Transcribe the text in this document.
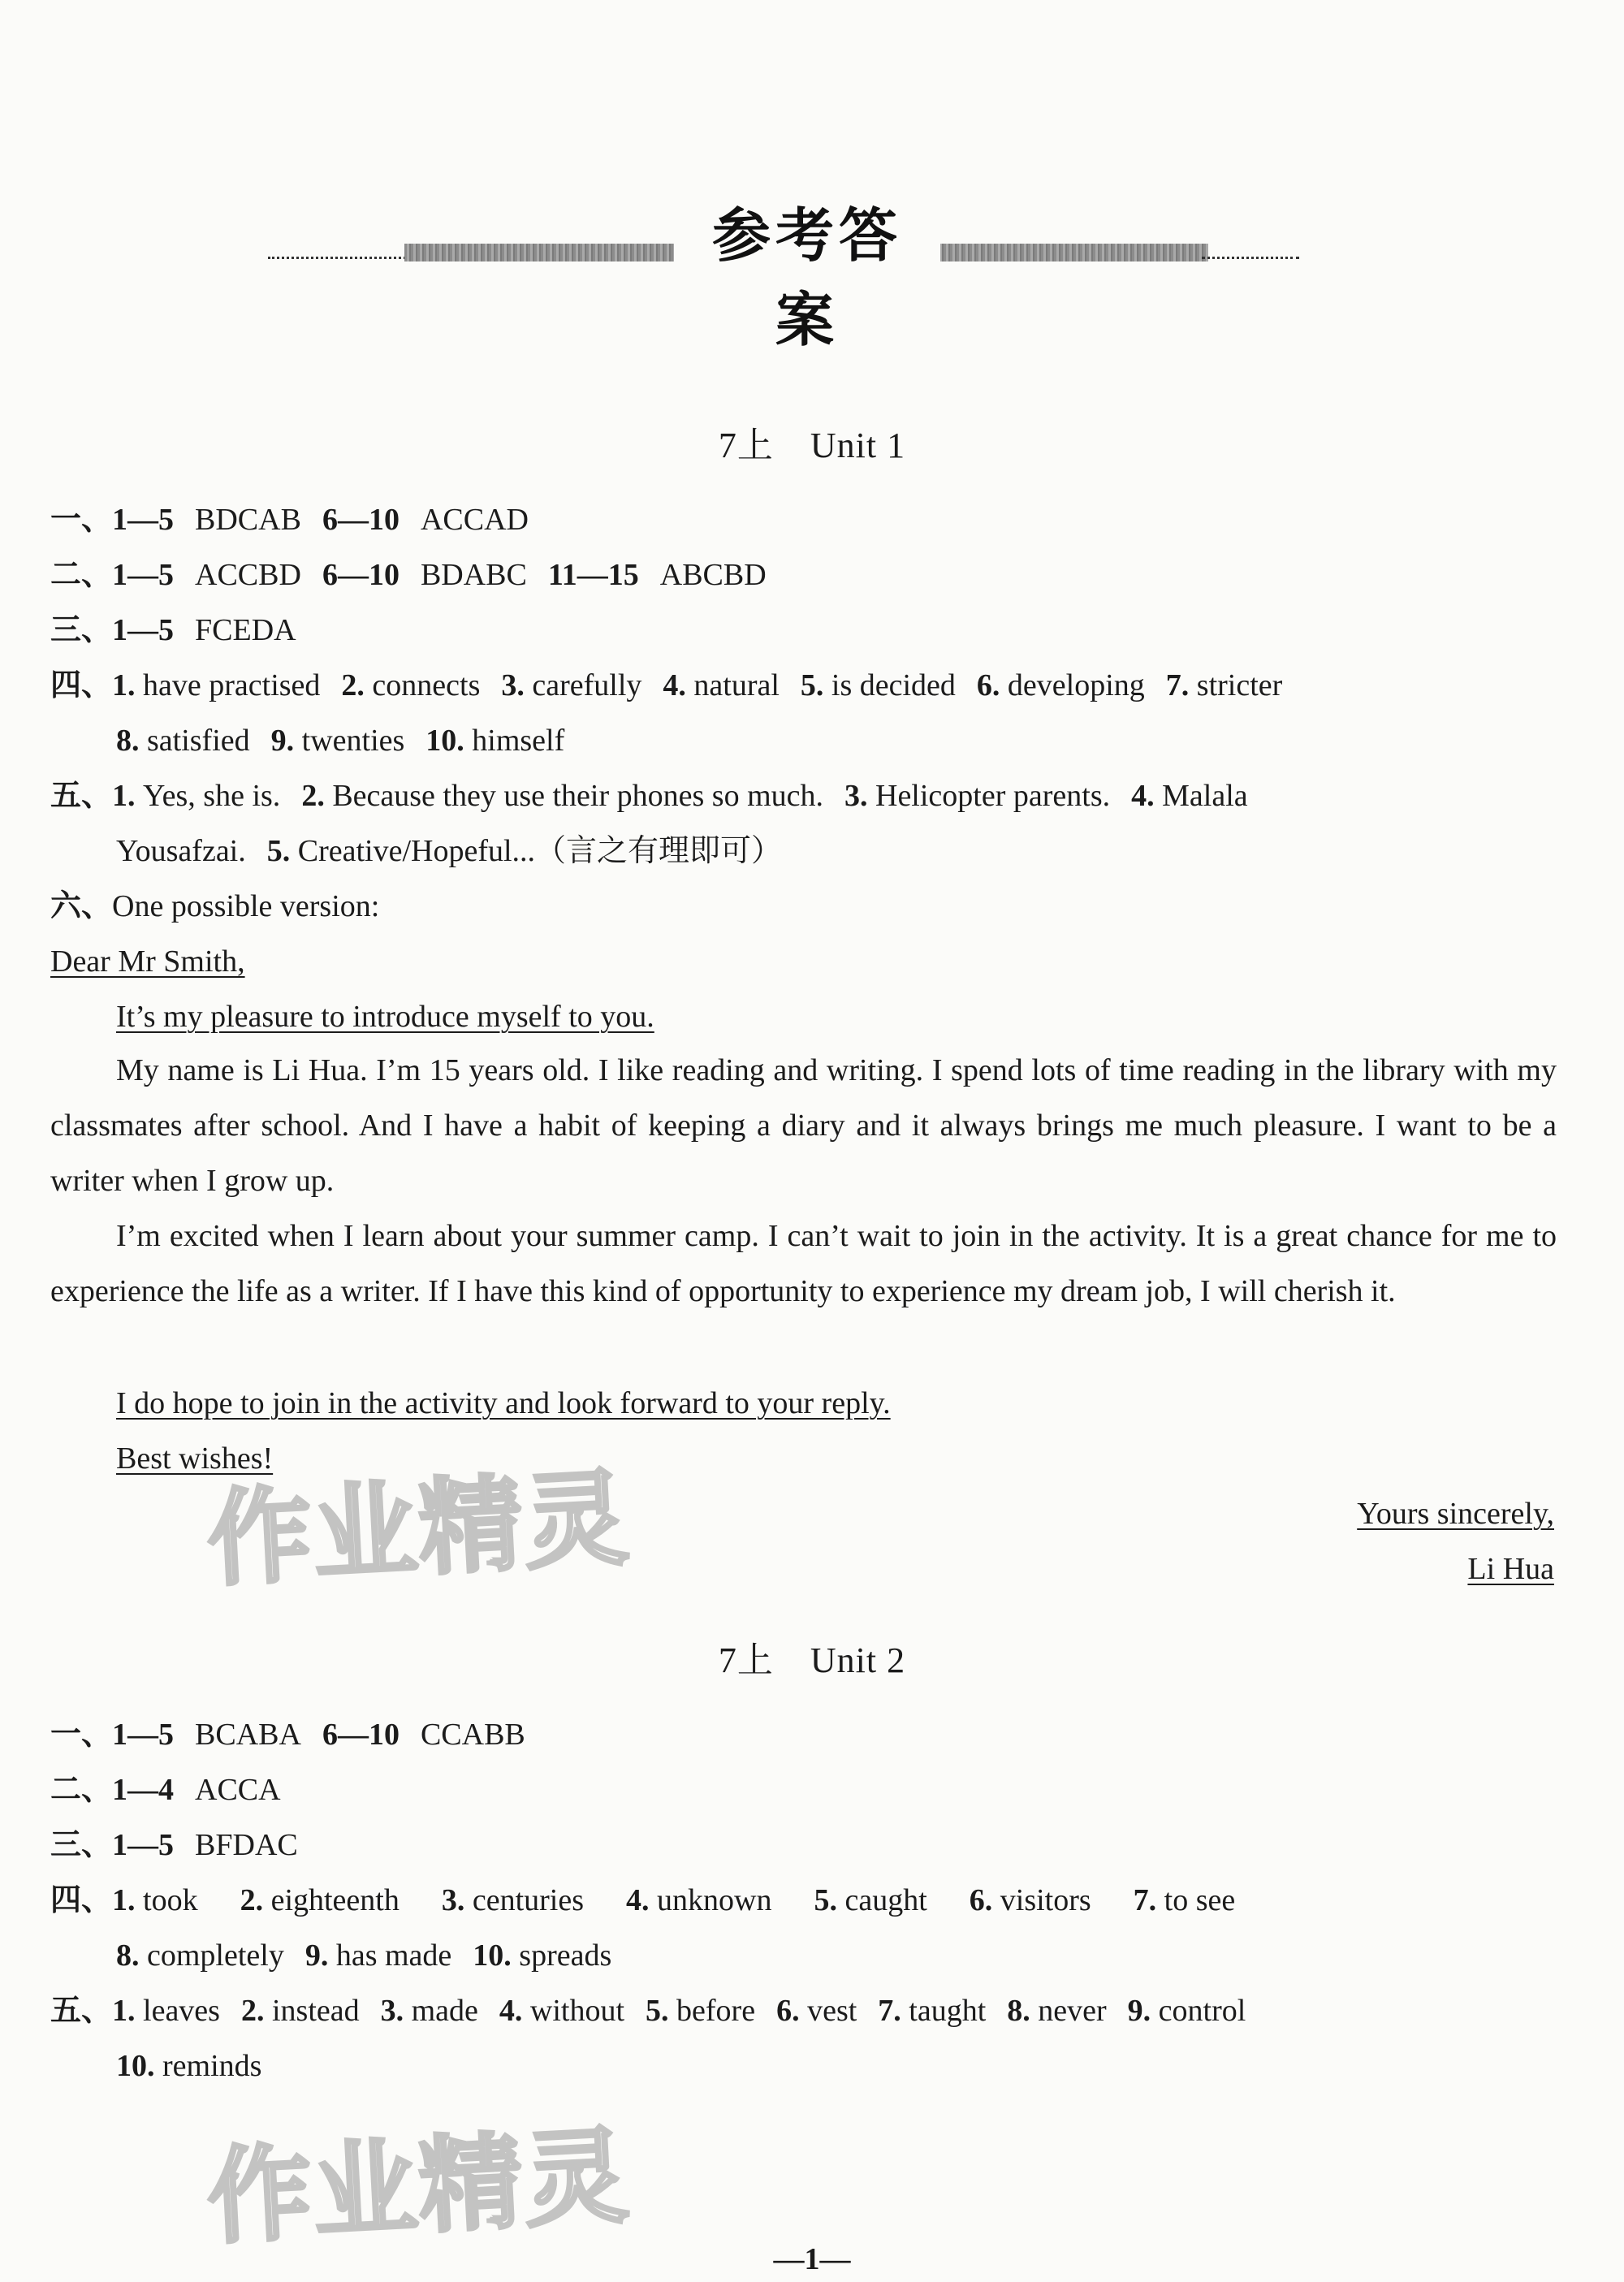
参考答案
7上　Unit 1
一、1—5 BDCAB 6—10 ACCAD
二、1—5 ACCBD 6—10 BDABC 11—15 ABCBD
三、1—5 FCEDA
四、1. have practised 2. connects 3. carefully 4. natural 5. is decided 6. developing 7. stricter
8. satisfied 9. twenties 10. himself
五、1. Yes, she is. 2. Because they use their phones so much. 3. Helicopter parents. 4. Malala
Yousafzai. 5. Creative/Hopeful...（言之有理即可）
六、One possible version:
Dear Mr Smith,
It’s my pleasure to introduce myself to you.
My name is Li Hua. I’m 15 years old. I like reading and writing. I spend lots of time reading in the library with my classmates after school. And I have a habit of keeping a diary and it always brings me much pleasure. I want to be a writer when I grow up.
I’m excited when I learn about your summer camp. I can’t wait to join in the activity. It is a great chance for me to experience the life as a writer. If I have this kind of opportunity to experience my dream job, I will cherish it.
I do hope to join in the activity and look forward to your reply.
Best wishes!
Yours sincerely,
Li Hua
作业精灵
7上　Unit 2
一、1—5 BCABA 6—10 CCABB
二、1—4 ACCA
三、1—5 BFDAC
四、1. took 2. eighteenth 3. centuries 4. unknown 5. caught 6. visitors 7. to see
8. completely 9. has made 10. spreads
五、1. leaves 2. instead 3. made 4. without 5. before 6. vest 7. taught 8. never 9. control
10. reminds
作业精灵
—1—
